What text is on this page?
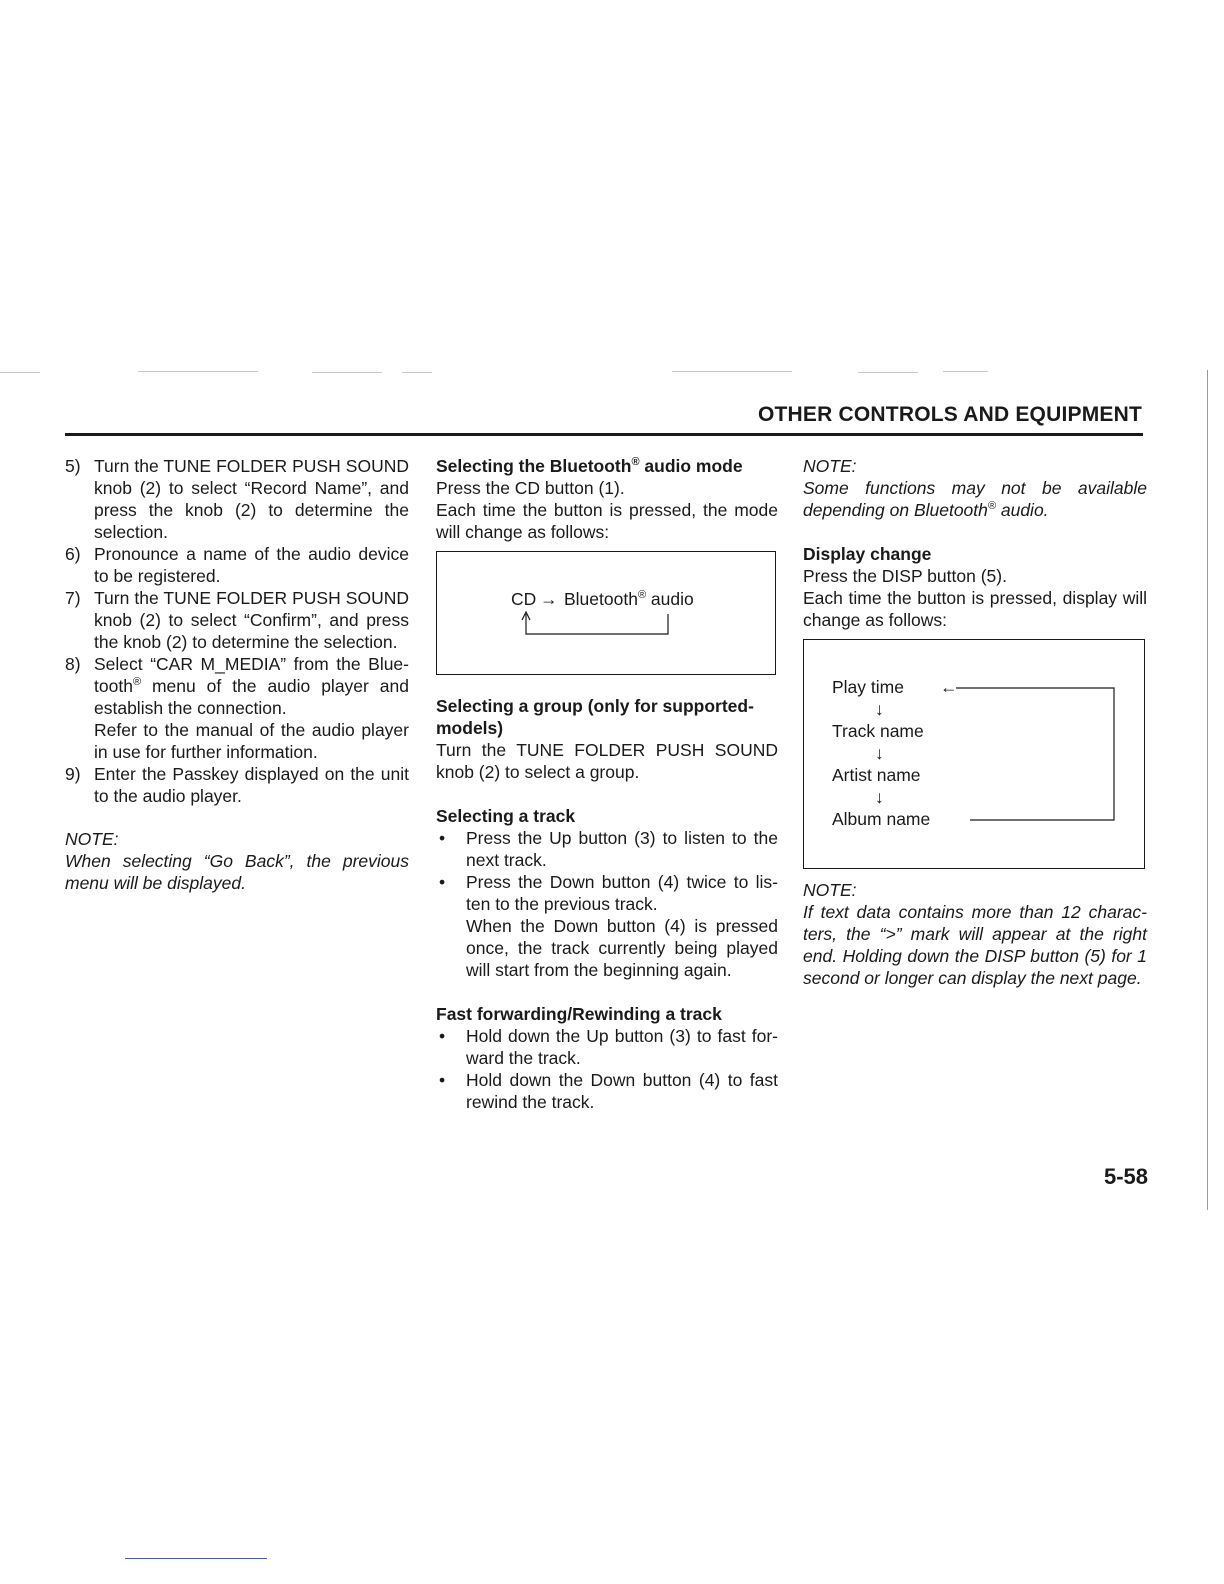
OTHER CONTROLS AND EQUIPMENT
5) Turn the TUNE FOLDER PUSH SOUND knob (2) to select “Record Name”, and press the knob (2) to determine the selection.
6) Pronounce a name of the audio device to be registered.
7) Turn the TUNE FOLDER PUSH SOUND knob (2) to select “Confirm”, and press the knob (2) to determine the selection.
8) Select “CAR M_MEDIA” from the Blue-tooth® menu of the audio player and establish the connection.
Refer to the manual of the audio player in use for further information.
9) Enter the Passkey displayed on the unit to the audio player.

NOTE:

When selecting “Go Back”, the previous menu will be displayed.

Selecting the Bluetooth® audio mode

Press the CD button (1).

Each time the button is pressed, the mode will change as follows:

CD → Bluetooth® audio
Selecting a group (only for supported-models)

Turn the TUNE FOLDER PUSH SOUND knob (2) to select a group.

Selecting a track
• Press the Up button (3) to listen to the next track.
• Press the Down button (4) twice to lis-ten to the previous track.
When the Down button (4) is pressed once, the track currently being played will start from the beginning again.
Fast forwarding/Rewinding a track
• Hold down the Up button (3) to fast for-ward the track.
• Hold down the Down button (4) to fast rewind the track.

NOTE:

Some functions may not be available depending on Bluetooth® audio.

Display change

Press the DISP button (5).

Each time the button is pressed, display will change as follows:

Play time
↓
Track name
↓
Artist name
↓
Album name
←

NOTE:

If text data contains more than 12 charac-ters, the “>” mark will appear at the right end. Holding down the DISP button (5) for 1 second or longer can display the next page.

5-58
